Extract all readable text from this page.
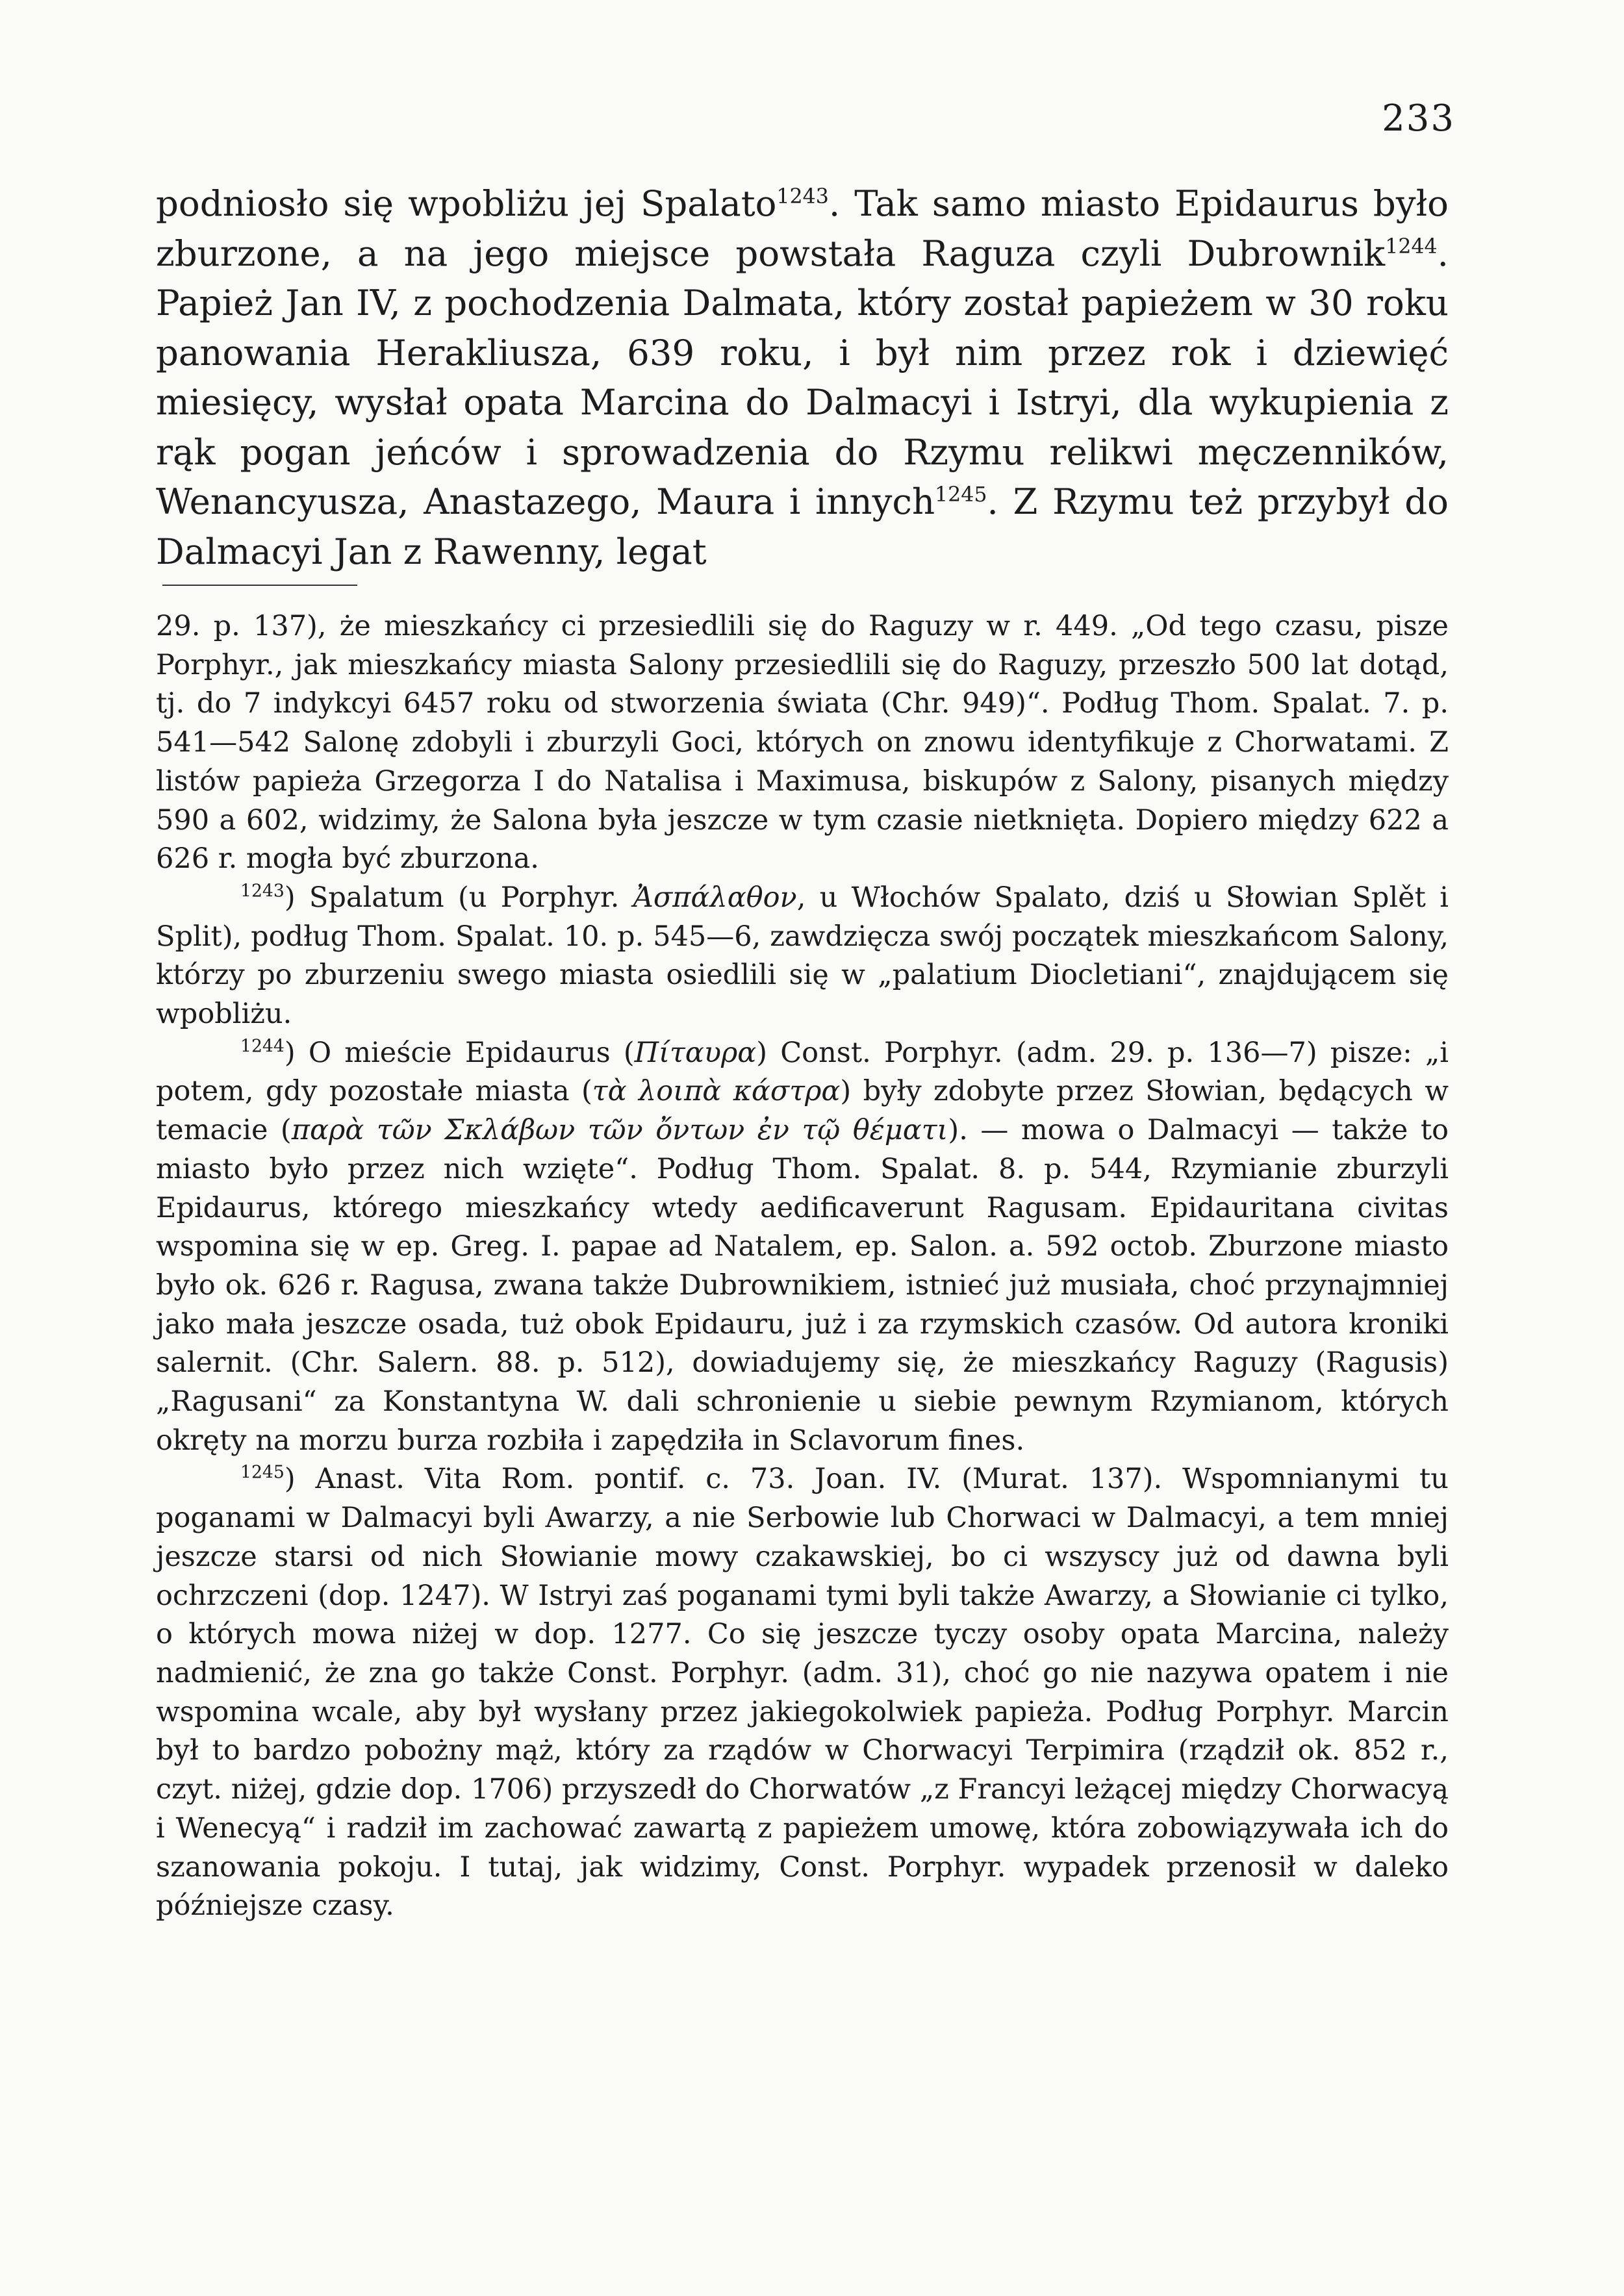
233

podniosło się wpobliżu jej Spalato$^{1243}$. Tak samo miasto Epidaurus było zburzone, a na jego miejsce powstała Raguza czyli Dubrownik$^{1244}$. Papież Jan IV, z pochodzenia Dalmata, który został papieżem w 30 roku panowania Herakliusza, 639 roku, i był nim przez rok i dziewięć miesięcy, wysłał opata Marcina do Dalmacyi i Istryi, dla wykupienia z rąk pogan jeńców i sprowadzenia do Rzymu relikwi męczenników, Wenancyusza, Anastazego, Maura i innych$^{1245}$. Z Rzymu też przybył do Dalmacyi Jan z Rawenny, legat

29. p. 137), że mieszkańcy ci przesiedlili się do Raguzy w r. 449. „Od tego czasu, pisze Porphyr., jak mieszkańcy miasta Salony przesiedlili się do Raguzy, przeszło 500 lat dotąd, tj. do 7 indykcyi 6457 roku od stworzenia świata (Chr. 949)“. Podług Thom. Spalat. 7. p. 541—542 Salonę zdobyli i zburzyli Goci, których on znowu identyfikuje z Chorwatami. Z listów papieża Grzegorza I do Natalisa i Maximusa, biskupów z Salony, pisanych między 590 a 602, widzimy, że Salona była jeszcze w tym czasie nietknięta. Dopiero między 622 a 626 r. mogła być zburzona.

$^{1243}$) Spalatum (u Porphyr. Ἀσπάλαθον, u Włochów Spalato, dziś u Słowian Splět i Split), podług Thom. Spalat. 10. p. 545—6, zawdzięcza swój początek mieszkańcom Salony, którzy po zburzeniu swego miasta osiedlili się w „palatium Diocletiani“, znajdującem się wpobliżu.

$^{1244}$) O mieście Epidaurus (Πίταυρα) Const. Porphyr. (adm. 29. p. 136—7) pisze: „i potem, gdy pozostałe miasta (τὰ λοιπὰ κάστρα) były zdobyte przez Słowian, będących w temacie (παρὰ τῶν Σκλάβων τῶν ὄντων ἐν τῷ θέματι). — mowa o Dalmacyi — także to miasto było przez nich wzięte“. Podług Thom. Spalat. 8. p. 544, Rzymianie zburzyli Epidaurus, którego mieszkańcy wtedy aedificaverunt Ragusam. Epidauritana civitas wspomina się w ep. Greg. I. papae ad Natalem, ep. Salon. a. 592 octob. Zburzone miasto było ok. 626 r. Ragusa, zwana także Dubrownikiem, istnieć już musiała, choć przynajmniej jako mała jeszcze osada, tuż obok Epidauru, już i za rzymskich czasów. Od autora kroniki salernit. (Chr. Salern. 88. p. 512), dowiadujemy się, że mieszkańcy Raguzy (Ragusis) „Ragusani“ za Konstantyna W. dali schronienie u siebie pewnym Rzymianom, których okręty na morzu burza rozbiła i zapędziła in Sclavorum fines.

$^{1245}$) Anast. Vita Rom. pontif. c. 73. Joan. IV. (Murat. 137). Wspomnianymi tu poganami w Dalmacyi byli Awarzy, a nie Serbowie lub Chorwaci w Dalmacyi, a tem mniej jeszcze starsi od nich Słowianie mowy czakawskiej, bo ci wszyscy już od dawna byli ochrzczeni (dop. 1247). W Istryi zaś poganami tymi byli także Awarzy, a Słowianie ci tylko, o których mowa niżej w dop. 1277. Co się jeszcze tyczy osoby opata Marcina, należy nadmienić, że zna go także Const. Porphyr. (adm. 31), choć go nie nazywa opatem i nie wspomina wcale, aby był wysłany przez jakiegokolwiek papieża. Podług Porphyr. Marcin był to bardzo pobożny mąż, który za rządów w Chorwacyi Terpimira (rządził ok. 852 r., czyt. niżej, gdzie dop. 1706) przyszedł do Chorwatów „z Francyi leżącej między Chorwacyą i Wenecyą“ i radził im zachować zawartą z papieżem umowę, która zobowiązywała ich do szanowania pokoju. I tutaj, jak widzimy, Const. Porphyr. wypadek przenosił w daleko późniejsze czasy.
